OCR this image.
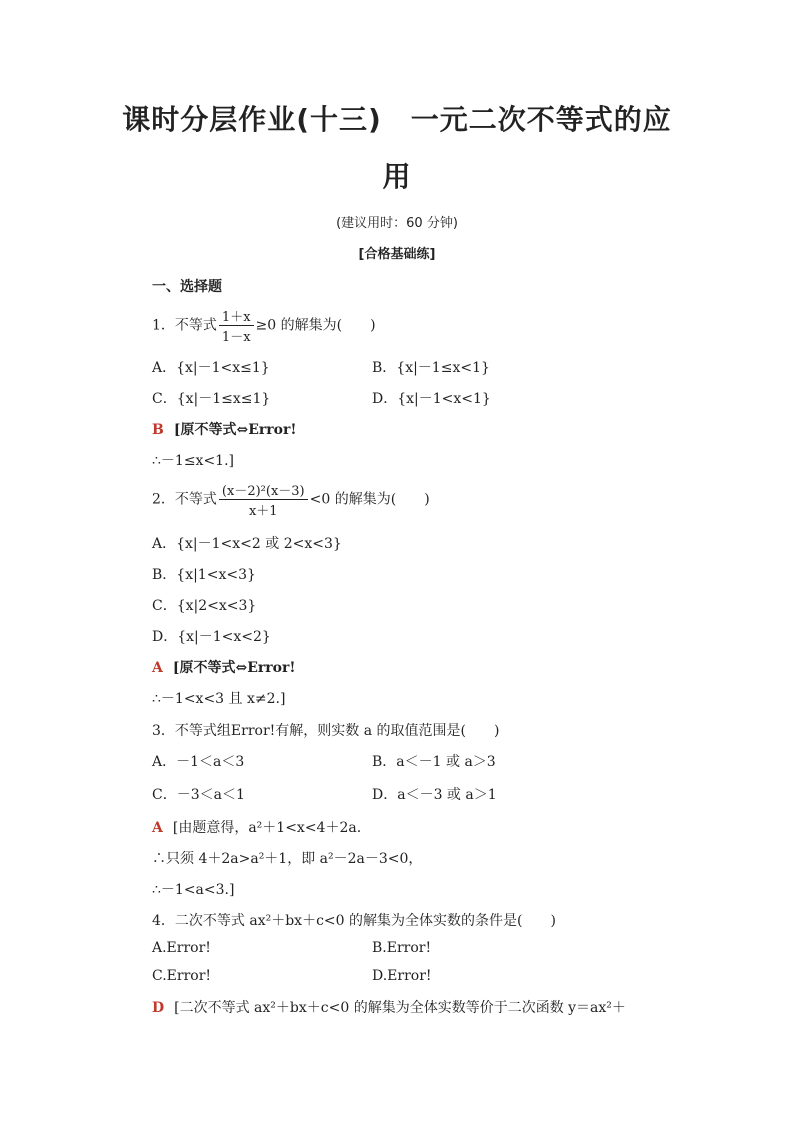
课时分层作业(十三)　一元二次不等式的应
用
(建议用时：60 分钟)
[合格基础练]
一、选择题
1．不等式 $\frac{1+x}{1-x} \ge 0$ 的解集为(　　)
A．{x|－1<x≤1}	B．{x|－1≤x<1}
C．{x|－1≤x≤1}	D．{x|－1<x<1}
B [原不等式⇔Error!
∴－1≤x<1.]
2．不等式 $\frac{\text{(x－2)²(x－3)}}{x+1} <0$ 的解集为(　　)
A．{x|－1<x<2 或 2<x<3}
B．{x|1<x<3}
C．{x|2<x<3}
D．{x|－1<x<2}
A [原不等式⇔Error!
∴－1<x<3 且 x≠2.]
3．不等式组Error!有解，则实数 a 的取值范围是(　　)
A．－1＜a＜3	B．a＜－1 或 a＞3
C．－3＜a＜1	D．a＜－3 或 a＞1
A [由题意得，a²＋1<x<4＋2a.
∴只须 4＋2a>a²＋1，即 a²－2a－3<0，
∴－1<a<3.]
4．二次不等式 ax²＋bx＋c<0 的解集为全体实数的条件是(　　)
A.Error!	B.Error!
C.Error!	D.Error!
D [二次不等式 ax²＋bx＋c<0 的解集为全体实数等价于二次函数 y＝ax²＋
